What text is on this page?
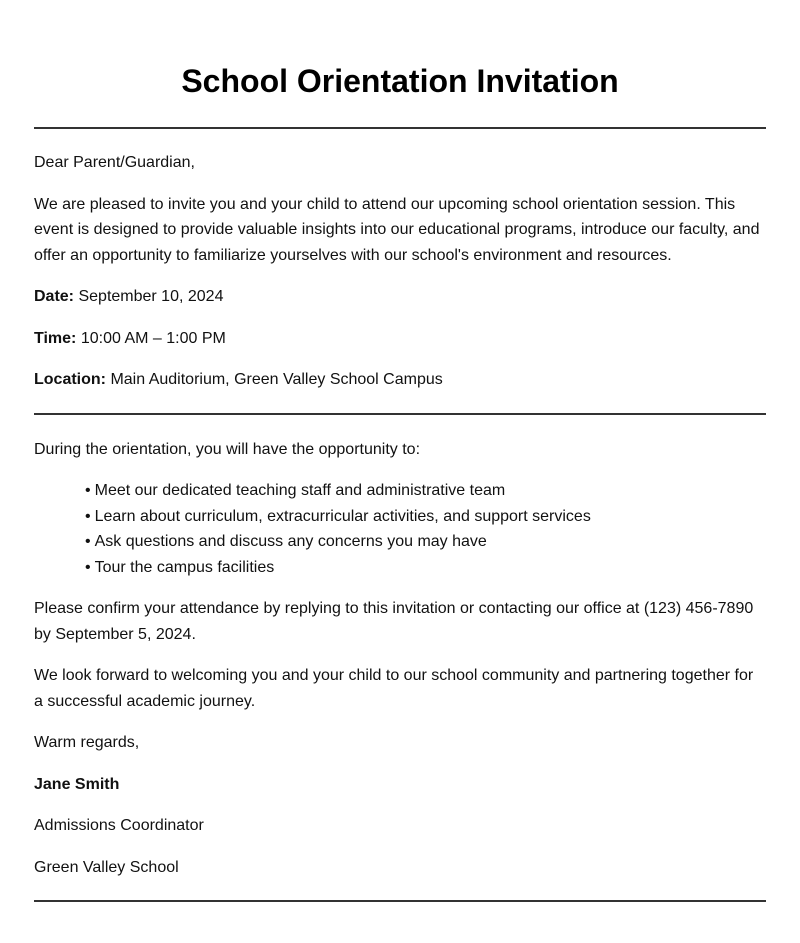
School Orientation Invitation

Dear Parent/Guardian,

We are pleased to invite you and your child to attend our upcoming school orientation session. This event is designed to provide valuable insights into our educational programs, introduce our faculty, and offer an opportunity to familiarize yourselves with our school's environment and resources.

Date: September 10, 2024

Time: 10:00 AM – 1:00 PM

Location: Main Auditorium, Green Valley School Campus

During the orientation, you will have the opportunity to:

• Meet our dedicated teaching staff and administrative team
• Learn about curriculum, extracurricular activities, and support services
• Ask questions and discuss any concerns you may have
• Tour the campus facilities

Please confirm your attendance by replying to this invitation or contacting our office at (123) 456-7890 by September 5, 2024.

We look forward to welcoming you and your child to our school community and partnering together for a successful academic journey.

Warm regards,

Jane Smith

Admissions Coordinator

Green Valley School
